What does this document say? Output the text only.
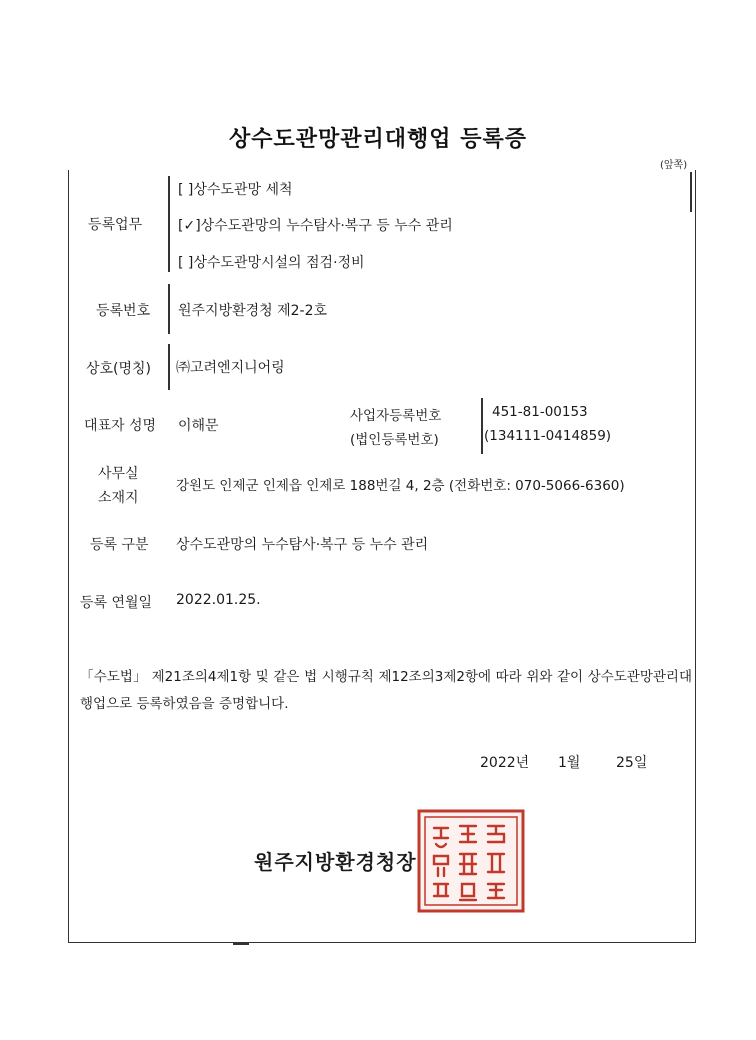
상수도관망관리대행업 등록증
(앞쪽)
등록업무
[ ]상수도관망 세척
[✓]상수도관망의 누수탐사·복구 등 누수 관리
[ ]상수도관망시설의 점검·정비
등록번호 원주지방환경청 제2-2호
상호(명칭) ㈜고려엔지니어링
대표자 성명 이해문
사업자등록번호
(법인등록번호)
451-81-00153
(134111-0414859)
사무실
소재지
강원도 인제군 인제읍 인제로 188번길 4, 2층 (전화번호: 070-5066-6360)
등록 구분 상수도관망의 누수탐사·복구 등 누수 관리
등록 연월일 2022.01.25.
「수도법」 제21조의4제1항 및 같은 법 시행규칙 제12조의3제2항에 따라 위와 같이 상수도관망관리대행업으로 등록하였음을 증명합니다.
2022년 1월	25일
원주지방환경청장
